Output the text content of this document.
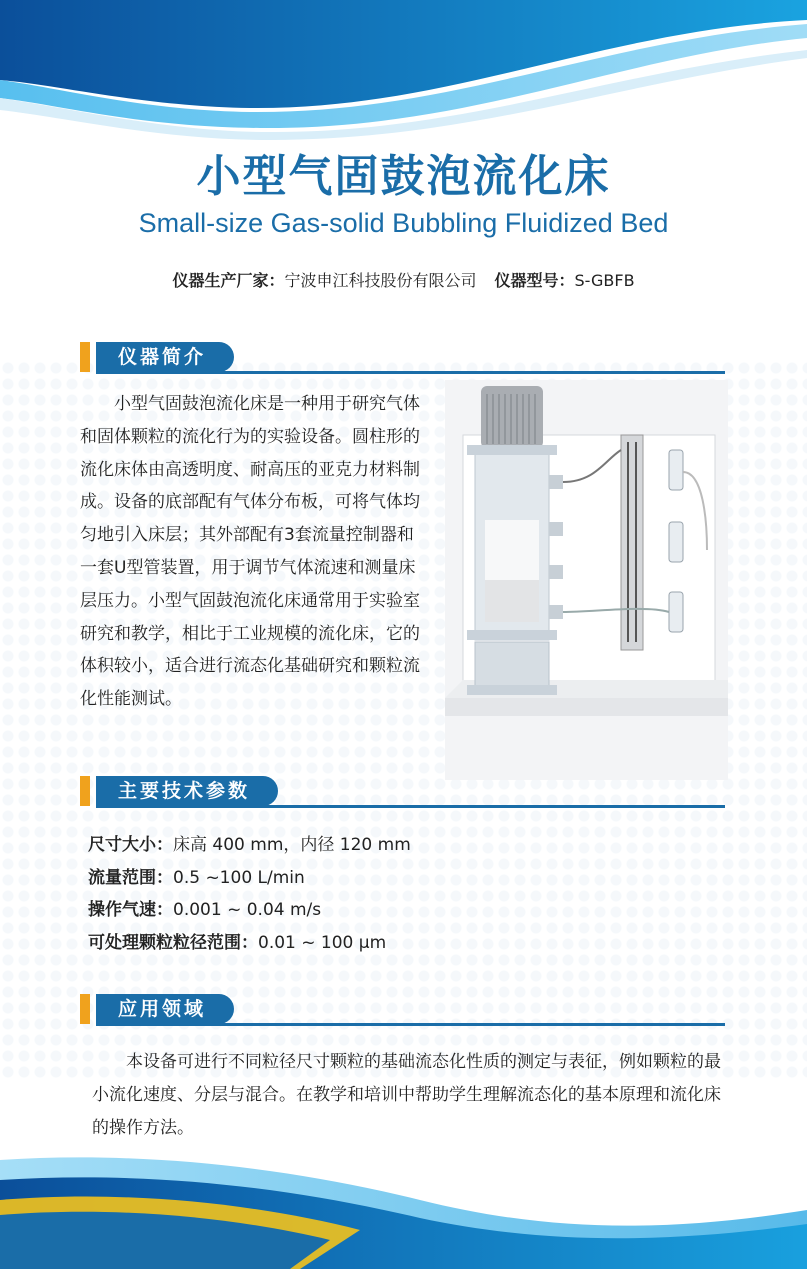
小型气固鼓泡流化床
Small-size Gas-solid Bubbling Fluidized Bed
仪器生产厂家：宁波申江科技股份有限公司 仪器型号：S-GBFB
仪器简介
小型气固鼓泡流化床是一种用于研究气体和固体颗粒的流化行为的实验设备。圆柱形的流化床体由高透明度、耐高压的亚克力材料制成。设备的底部配有气体分布板，可将气体均匀地引入床层；其外部配有3套流量控制器和一套U型管装置，用于调节气体流速和测量床层压力。小型气固鼓泡流化床通常用于实验室研究和教学，相比于工业规模的流化床，它的体积较小，适合进行流态化基础研究和颗粒流化性能测试。
主要技术参数
尺寸大小：床高 400 mm，内径 120 mm
流量范围：0.5 ~100 L/min
操作气速：0.001 ~ 0.04 m/s
可处理颗粒粒径范围：0.01 ~ 100 μm
应用领域
本设备可进行不同粒径尺寸颗粒的基础流态化性质的测定与表征，例如颗粒的最小流化速度、分层与混合。在教学和培训中帮助学生理解流态化的基本原理和流化床的操作方法。
